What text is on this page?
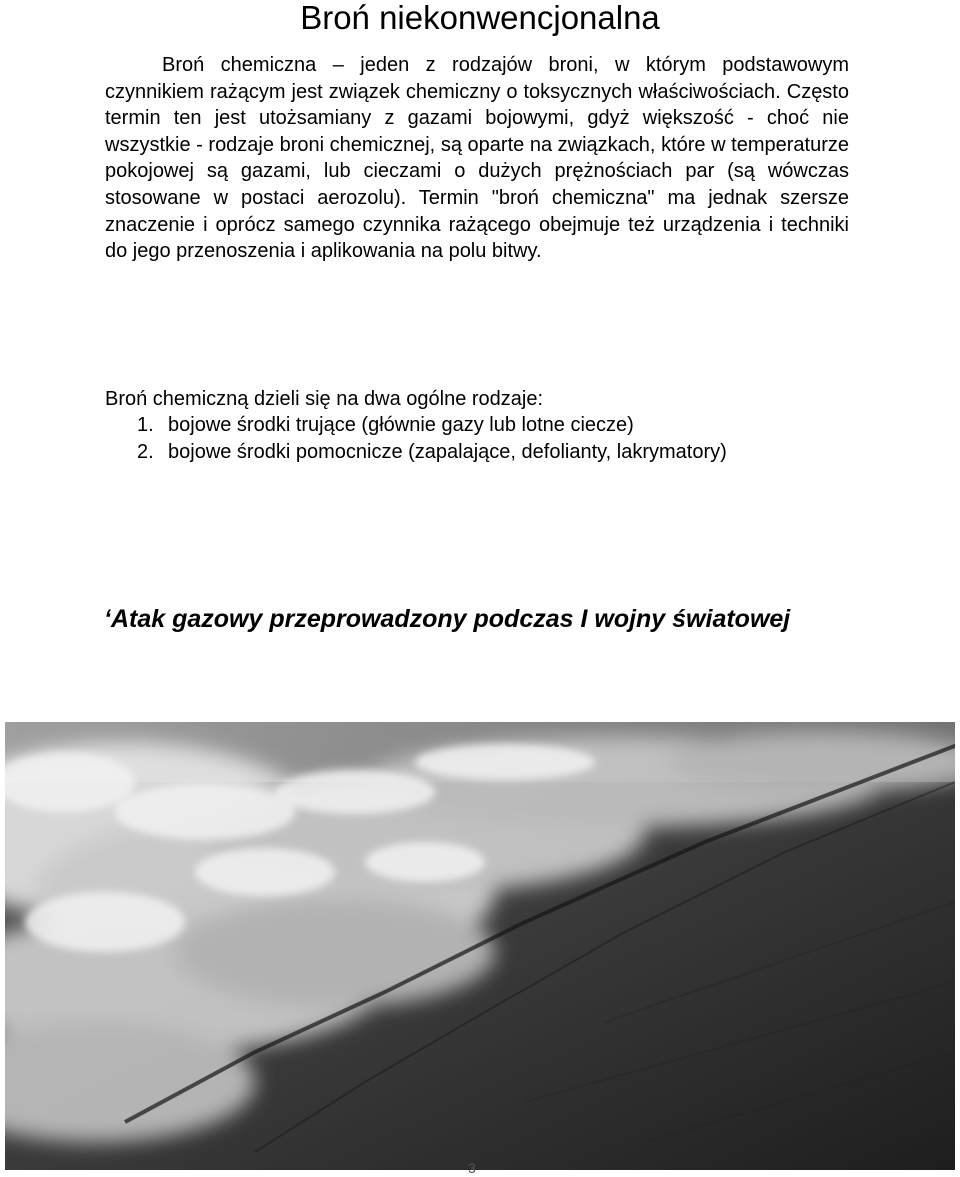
Broń niekonwencjonalna

Broń chemiczna – jeden z rodzajów broni, w którym podstawowym czynnikiem rażącym jest związek chemiczny o toksycznych właściwościach. Często termin ten jest utożsamiany z gazami bojowymi, gdyż większość - choć nie wszystkie - rodzaje broni chemicznej, są oparte na związkach, które w temperaturze pokojowej są gazami, lub cieczami o dużych prężnościach par (są wówczas stosowane w postaci aerozolu). Termin "broń chemiczna" ma jednak szersze znaczenie i oprócz samego czynnika rażącego obejmuje też urządzenia i techniki do jego przenoszenia i aplikowania na polu bitwy.

Broń chemiczną dzieli się na dwa ogólne rodzaje:

1. bojowe środki trujące (głównie gazy lub lotne ciecze)
2. bojowe środki pomocnicze (zapalające, defolianty, lakrymatory)

‘Atak gazowy przeprowadzony podczas I wojny światowej

3
